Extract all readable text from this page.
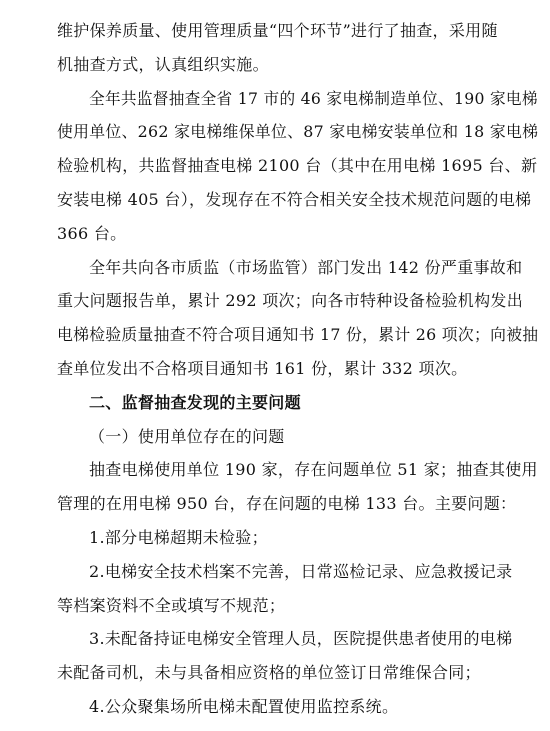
维护保养质量、使用管理质量“四个环节”进行了抽查，采用随
机抽查方式，认真组织实施。
全年共监督抽查全省 17 市的 46 家电梯制造单位、190 家电梯
使用单位、262 家电梯维保单位、87 家电梯安装单位和 18 家电梯
检验机构，共监督抽查电梯 2100 台（其中在用电梯 1695 台、新
安装电梯 405 台），发现存在不符合相关安全技术规范问题的电梯
366 台。
全年共向各市质监（市场监管）部门发出 142 份严重事故和
重大问题报告单，累计 292 项次；向各市特种设备检验机构发出
电梯检验质量抽查不符合项目通知书 17 份，累计 26 项次；向被抽
查单位发出不合格项目通知书 161 份，累计 332 项次。
二、监督抽查发现的主要问题
（一）使用单位存在的问题
抽查电梯使用单位 190 家，存在问题单位 51 家；抽查其使用
管理的在用电梯 950 台，存在问题的电梯 133 台。主要问题：
1.部分电梯超期未检验；
2.电梯安全技术档案不完善，日常巡检记录、应急救援记录
等档案资料不全或填写不规范；
3.未配备持证电梯安全管理人员，医院提供患者使用的电梯
未配备司机，未与具备相应资格的单位签订日常维保合同；
4.公众聚集场所电梯未配置使用监控系统。
